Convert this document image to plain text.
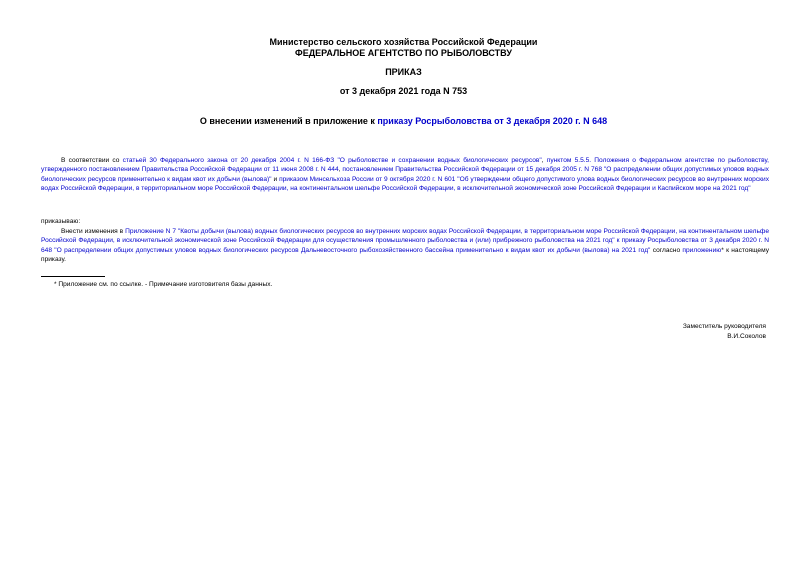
Министерство сельского хозяйства Российской Федерации
ФЕДЕРАЛЬНОЕ АГЕНТСТВО ПО РЫБОЛОВСТВУ
ПРИКАЗ
от 3 декабря 2021 года N 753
О внесении изменений в приложение к приказу Росрыболовства от 3 декабря 2020 г. N 648

В соответствии со статьей 30 Федерального закона от 20 декабря 2004 г. N 166-ФЗ "О рыболовстве и сохранении водных биологических ресурсов", пунктом 5.5.5. Положения о Федеральном агентстве по рыболовству, утвержденного постановлением Правительства Российской Федерации от 11 июня 2008 г. N 444, постановлением Правительства Российской Федерации от 15 декабря 2005 г. N 768 "О распределении общих допустимых уловов водных биологических ресурсов применительно к видам квот их добычи (вылова)" и приказом Минсельхоза России от 9 октября 2020 г. N 601 "Об утверждении общего допустимого улова водных биологических ресурсов во внутренних морских водах Российской Федерации, в территориальном море Российской Федерации, на континентальном шельфе Российской Федерации, в исключительной экономической зоне Российской Федерации и Каспийском море на 2021 год"

приказываю:

Внести изменения в Приложение N 7 "Квоты добычи (вылова) водных биологических ресурсов во внутренних морских водах Российской Федерации, в территориальном море Российской Федерации, на континентальном шельфе Российской Федерации, в исключительной экономической зоне Российской Федерации для осуществления промышленного рыболовства и (или) прибрежного рыболовства на 2021 год" к приказу Росрыболовства от 3 декабря 2020 г. N 648 "О распределении общих допустимых уловов водных биологических ресурсов Дальневосточного рыбохозяйственного бассейна применительно к видам квот их добычи (вылова) на 2021 год" согласно приложению* к настоящему приказу.

* Приложение см. по ссылке. - Примечание изготовителя базы данных.
Заместитель руководителя
В.И.Соколов
